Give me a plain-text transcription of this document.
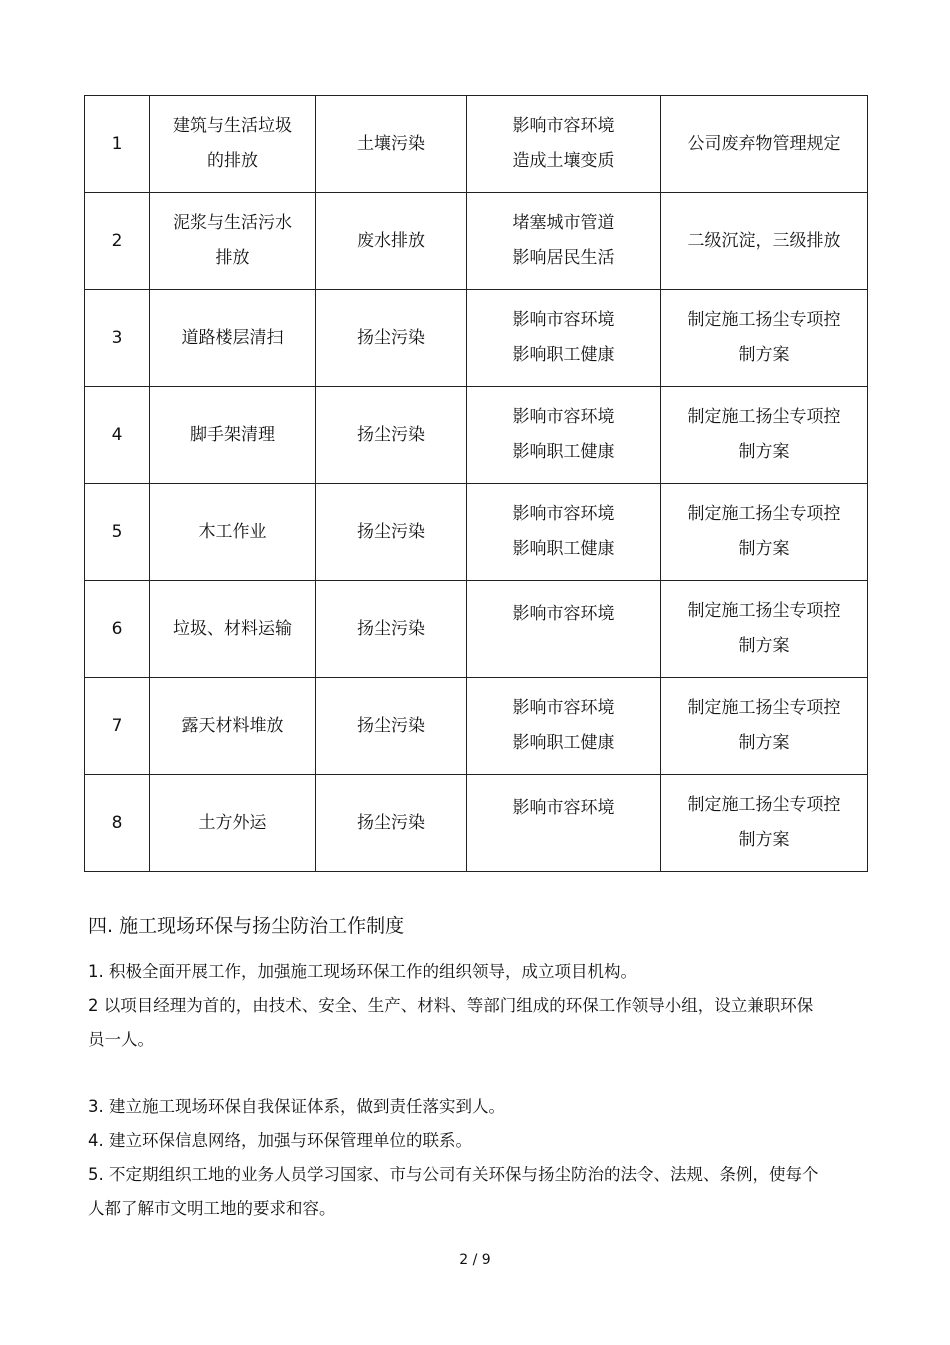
1	建筑与生活垃圾
的排放	土壤污染	影响市容环境
造成土壤变质	公司废弃物管理规定
2	泥浆与生活污水
排放	废水排放	堵塞城市管道
影响居民生活	二级沉淀，三级排放
3	道路楼层清扫	扬尘污染	影响市容环境
影响职工健康	制定施工扬尘专项控
制方案
4	脚手架清理	扬尘污染	影响市容环境
影响职工健康	制定施工扬尘专项控
制方案
5	木工作业	扬尘污染	影响市容环境
影响职工健康	制定施工扬尘专项控
制方案
6	垃圾、材料运输	扬尘污染	影响市容环境	制定施工扬尘专项控
制方案
7	露天材料堆放	扬尘污染	影响市容环境
影响职工健康	制定施工扬尘专项控
制方案
8	土方外运	扬尘污染	影响市容环境	制定施工扬尘专项控
制方案
四. 施工现场环保与扬尘防治工作制度

1. 积极全面开展工作，加强施工现场环保工作的组织领导，成立项目机构。

2 以项目经理为首的，由技术、安全、生产、材料、等部门组成的环保工作领导小组，设立兼职环保员一人。

3. 建立施工现场环保自我保证体系，做到责任落实到人。

4. 建立环保信息网络，加强与环保管理单位的联系。

5. 不定期组织工地的业务人员学习国家、市与公司有关环保与扬尘防治的法令、法规、条例，使每个人都了解市文明工地的要求和容。

2 / 9
